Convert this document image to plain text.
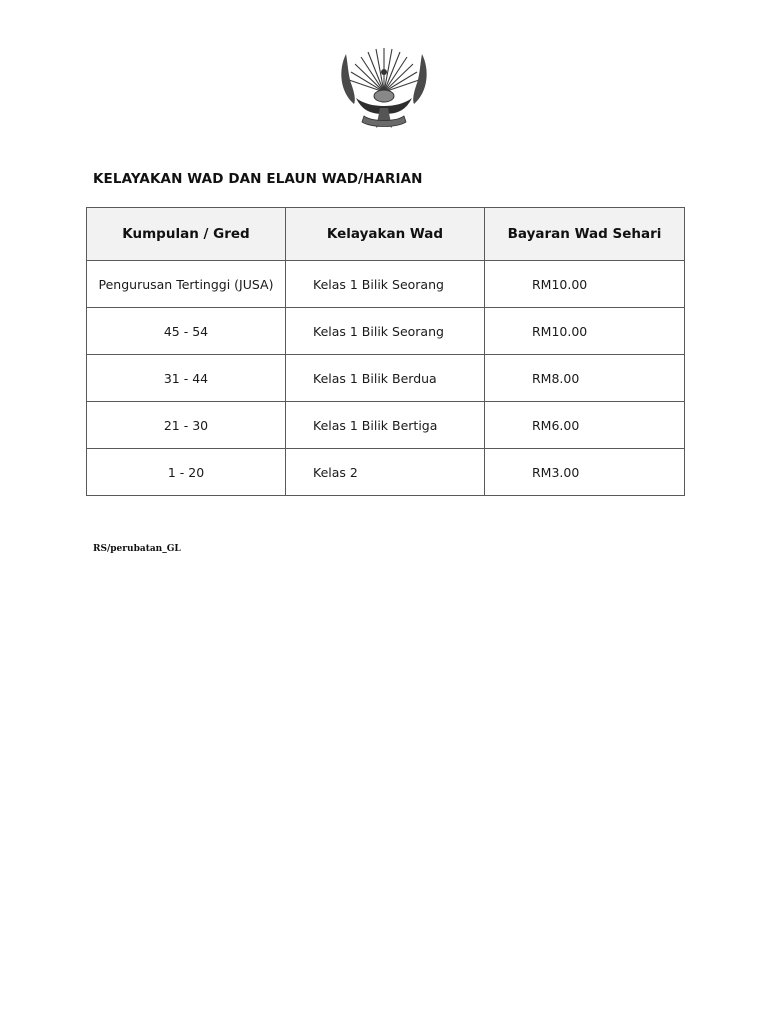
KELAYAKAN WAD DAN ELAUN WAD/HARIAN
Kumpulan / Gred	Kelayakan Wad	Bayaran Wad Sehari
Pengurusan Tertinggi (JUSA)	Kelas 1 Bilik Seorang	RM10.00
45 - 54	Kelas 1 Bilik Seorang	RM10.00
31 - 44	Kelas 1 Bilik Berdua	RM8.00
21 - 30	Kelas 1 Bilik Bertiga	RM6.00
1 - 20	Kelas 2	RM3.00
RS/perubatan_GL
